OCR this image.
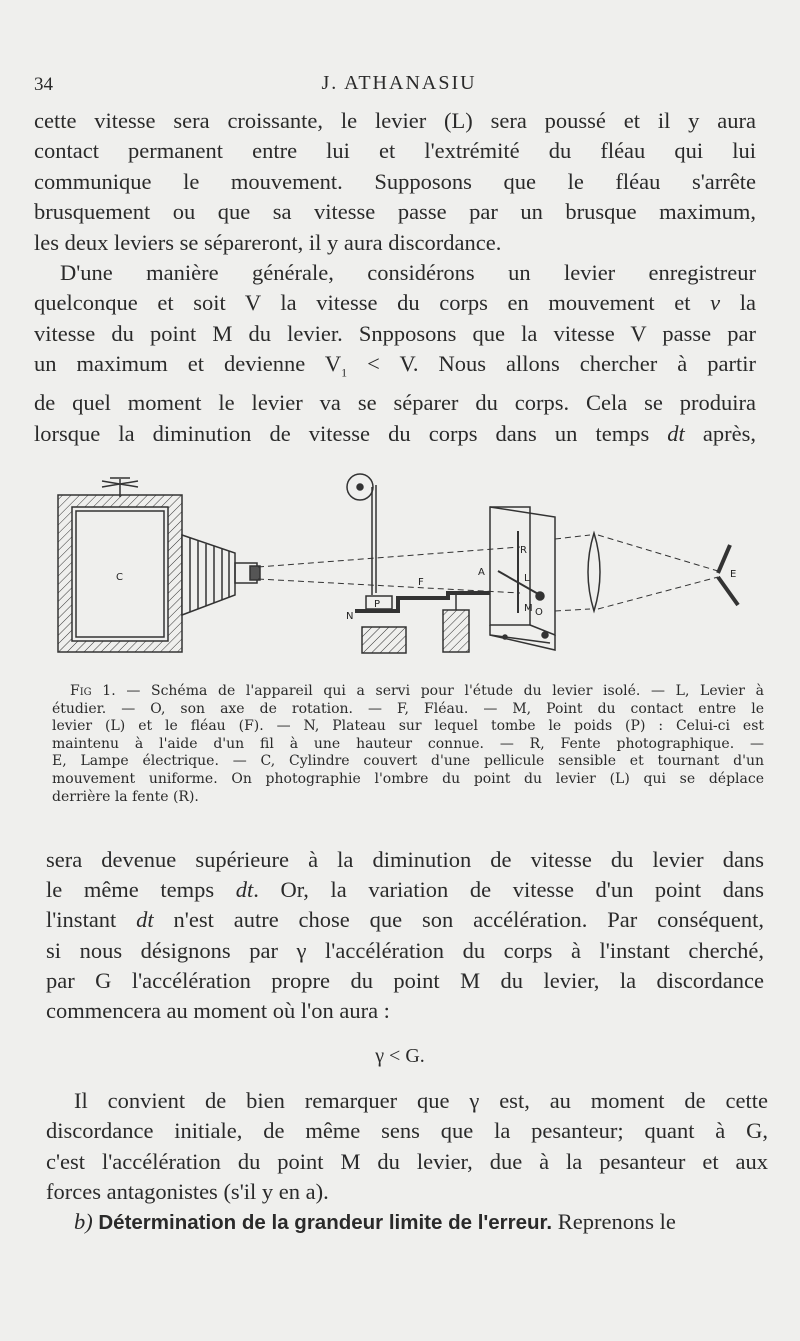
34	J. ATHANASIU
cette vitesse sera croissante, le levier (L) sera poussé et il y aura
contact permanent entre lui et l'extrémité du fléau qui lui
communique le mouvement. Supposons que le fléau s'arrête
brusquement ou que sa vitesse passe par un brusque maximum,
les deux leviers se sépareront, il y aura discordance.
D'une manière générale, considérons un levier enregistreur
quelconque et soit V la vitesse du corps en mouvement et v la
vitesse du point M du levier. Snpposons que la vitesse V passe par
un maximum et devienne $V_1 < V$. Nous allons chercher à partir
de quel moment le levier va se séparer du corps. Cela se produira
lorsque la diminution de vitesse du corps dans un temps dt après,
C
P
N
F
A
R
L
M O
E
Fig 1. — Schéma de l'appareil qui a servi pour l'étude du levier isolé. — L, Levier à
étudier. — O, son axe de rotation. — F, Fléau. — M, Point du contact entre le
levier (L) et le fléau (F). — N, Plateau sur lequel tombe le poids (P) : Celui-ci est
maintenu à l'aide d'un fil à une hauteur connue. — R, Fente photographique. —
E, Lampe électrique. — C, Cylindre couvert d'une pellicule sensible et tournant d'un
mouvement uniforme. On photographie l'ombre du point du levier (L) qui se déplace
derrière la fente (R).
sera devenue supérieure à la diminution de vitesse du levier dans
le même temps dt. Or, la variation de vitesse d'un point dans
l'instant dt n'est autre chose que son accélération. Par conséquent,
si nous désignons par γ l'accélération du corps à l'instant cherché,
par G l'accélération propre du point M du levier, la discordance
commencera au moment où l'on aura :
γ < G.
Il convient de bien remarquer que γ est, au moment de cette
discordance initiale, de même sens que la pesanteur; quant à G,
c'est l'accélération du point M du levier, due à la pesanteur et aux
forces antagonistes (s'il y en a).
b) Détermination de la grandeur limite de l'erreur. Reprenons le
